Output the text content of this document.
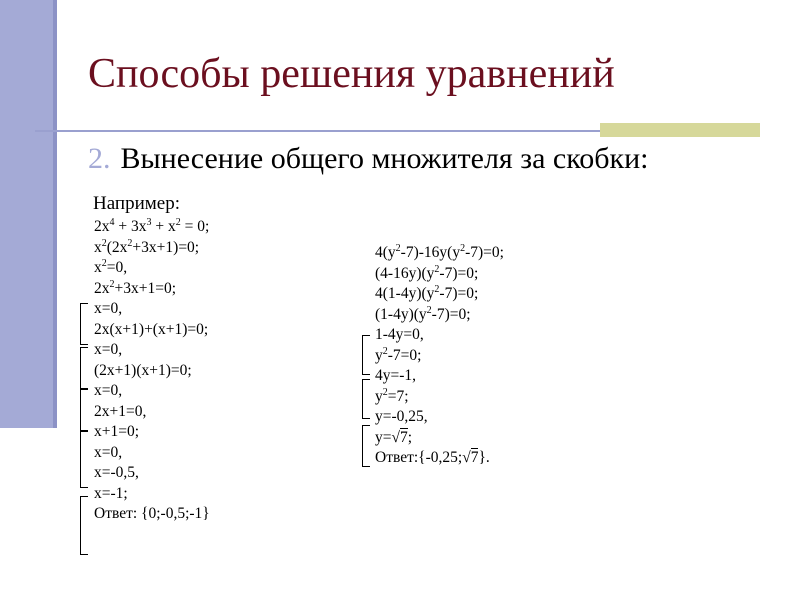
Способы решения уравнений
2. Вынесение общего множителя за скобки:
Например:
$2x^4 + 3x^3 + x^2 = 0$;
$x^2(2x^2+3x+1)=0$;
$x^2=0$,
$2x^2+3x+1=0$;
x=0,
2x(x+1)+(x+1)=0;
x=0,
(2x+1)(x+1)=0;
x=0,
2x+1=0,
x+1=0;
x=0,
x=-0,5,
x=-1;
Ответ: {0;-0,5;-1}
$4(y^2-7)-16y(y^2-7)=0$;
$(4-16y)(y^2-7)=0$;
$4(1-4y)(y^2-7)=0$;
$(1-4y)(y^2-7)=0$;
1-4y=0,
$y^2-7=0$;
4y=-1,
$y^2=7$;
y=-0,25,
y=√7;
Ответ:{-0,25;√7}.
